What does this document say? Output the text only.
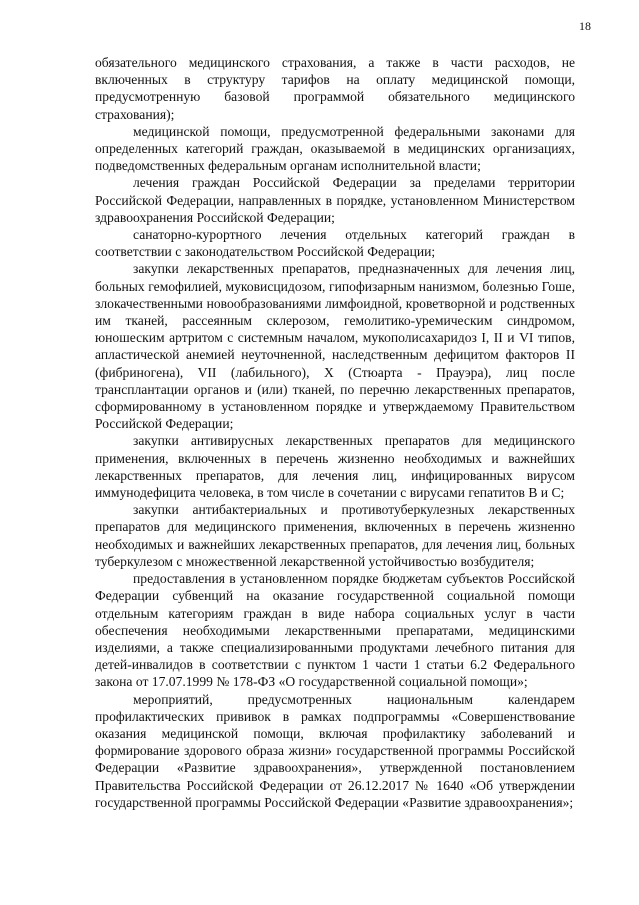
18

обязательного медицинского страхования, а также в части расходов, не включенных в структуру тарифов на оплату медицинской помощи, предусмотренную базовой программой обязательного медицинского страхования);

медицинской помощи, предусмотренной федеральными законами для определенных категорий граждан, оказываемой в медицинских организациях, подведомственных федеральным органам исполнительной власти;

лечения граждан Российской Федерации за пределами территории Российской Федерации, направленных в порядке, установленном Министерством здравоохранения Российской Федерации;

санаторно-курортного лечения отдельных категорий граждан в соответствии с законодательством Российской Федерации;

закупки лекарственных препаратов, предназначенных для лечения лиц, больных гемофилией, муковисцидозом, гипофизарным нанизмом, болезнью Гоше, злокачественными новообразованиями лимфоидной, кроветворной и родственных им тканей, рассеянным склерозом, гемолитико-уремическим синдромом, юношеским артритом с системным началом, мукополисахаридоз I, II и VI типов, апластической анемией неуточненной, наследственным дефицитом факторов II (фибриногена), VII (лабильного), X (Стюарта - Прауэра), лиц после трансплантации органов и (или) тканей, по перечню лекарственных препаратов, сформированному в установленном порядке и утверждаемому Правительством Российской Федерации;

закупки антивирусных лекарственных препаратов для медицинского применения, включенных в перечень жизненно необходимых и важнейших лекарственных препаратов, для лечения лиц, инфицированных вирусом иммунодефицита человека, в том числе в сочетании с вирусами гепатитов B и C;

закупки антибактериальных и противотуберкулезных лекарственных препаратов для медицинского применения, включенных в перечень жизненно необходимых и важнейших лекарственных препаратов, для лечения лиц, больных туберкулезом с множественной лекарственной устойчивостью возбудителя;

предоставления в установленном порядке бюджетам субъектов Российской Федерации субвенций на оказание государственной социальной помощи отдельным категориям граждан в виде набора социальных услуг в части обеспечения необходимыми лекарственными препаратами, медицинскими изделиями, а также специализированными продуктами лечебного питания для детей-инвалидов в соответствии с пунктом 1 части 1 статьи 6.2 Федерального закона от 17.07.1999 № 178-ФЗ «О государственной социальной помощи»;

мероприятий, предусмотренных национальным календарем профилактических прививок в рамках подпрограммы «Совершенствование оказания медицинской помощи, включая профилактику заболеваний и формирование здорового образа жизни» государственной программы Российской Федерации «Развитие здравоохранения», утвержденной постановлением Правительства Российской Федерации от 26.12.2017 № 1640 «Об утверждении государственной программы Российской Федерации «Развитие здравоохранения»;
